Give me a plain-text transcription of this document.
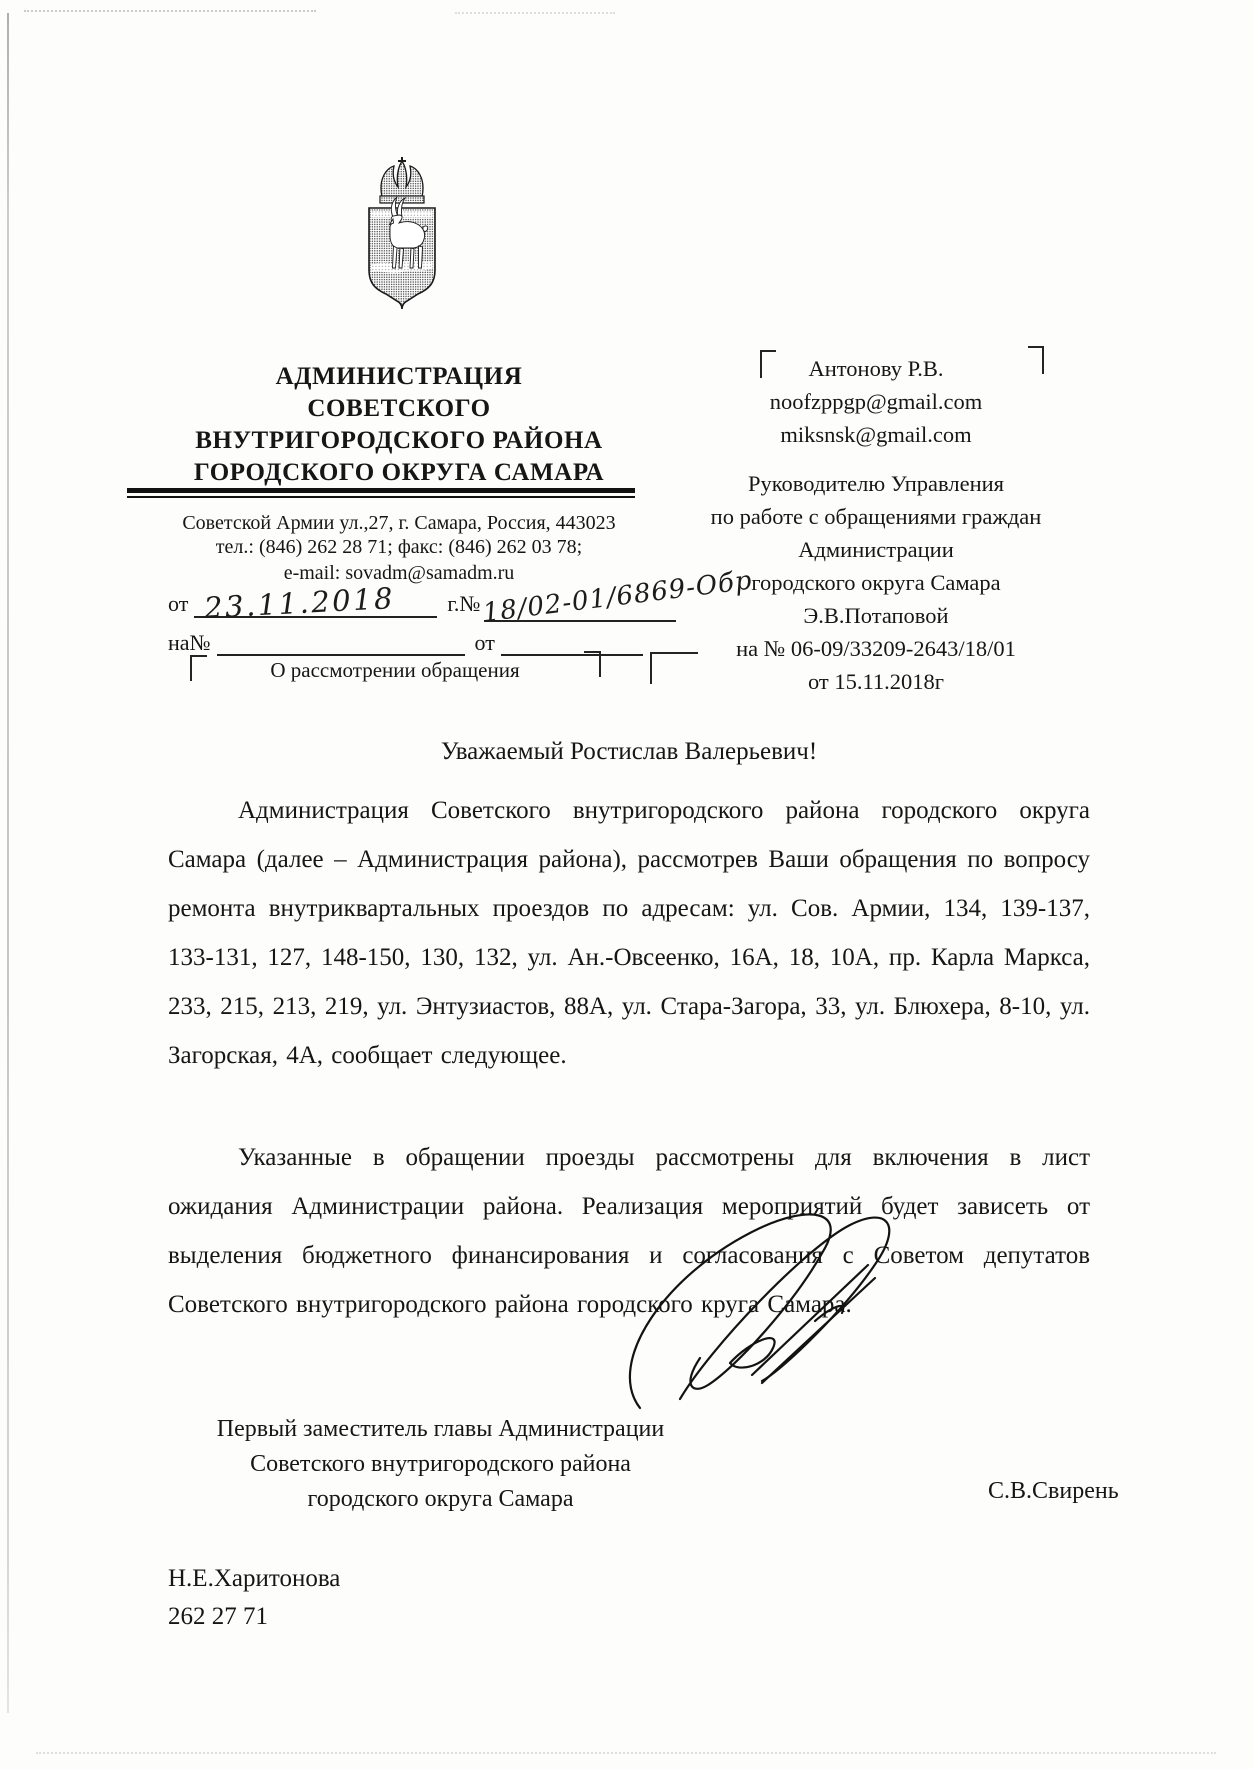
АДМИНИСТРАЦИЯ
СОВЕТСКОГО
ВНУТРИГОРОДСКОГО РАЙОНА
ГОРОДСКОГО ОКРУГА САМАРА
Советской Армии ул.,27, г. Самара, Россия, 443023
тел.: (846) 262 28 71; факс: (846) 262 03 78;
e-mail: sovadm@samadm.ru
от 23.11.2018 г.№18/02-01/6869-Обр
на№	от
О рассмотрении обращения
Антонову Р.В.
noofzppgp@gmail.com
miksnsk@gmail.com
Руководителю Управления
по работе с обращениями граждан
Администрации
городского округа Самара
Э.В.Потаповой
на № 06-09/33209-2643/18/01
от 15.11.2018г
Уважаемый Ростислав Валерьевич!
Администрация Советского внутригородского района городского округа Самара (далее – Администрация района), рассмотрев Ваши обращения по вопросу ремонта внутриквартальных проездов по адресам: ул. Сов. Армии, 134, 139-137, 133-131, 127, 148-150, 130, 132, ул. Ан.-Овсеенко, 16А, 18, 10А, пр. Карла Маркса, 233, 215, 213, 219, ул. Энтузиастов, 88А, ул. Стара-Загора, 33, ул. Блюхера, 8-10, ул. Загорская, 4А, сообщает следующее.
Указанные в обращении проезды рассмотрены для включения в лист ожидания Администрации района. Реализация мероприятий будет зависеть от выделения бюджетного финансирования и согласования с Советом депутатов Советского внутригородского района городского круга Самара.
Первый заместитель главы Администрации
Советского внутригородского района
городского округа Самара	С.В.Свирень
Н.Е.Харитонова
262 27 71
